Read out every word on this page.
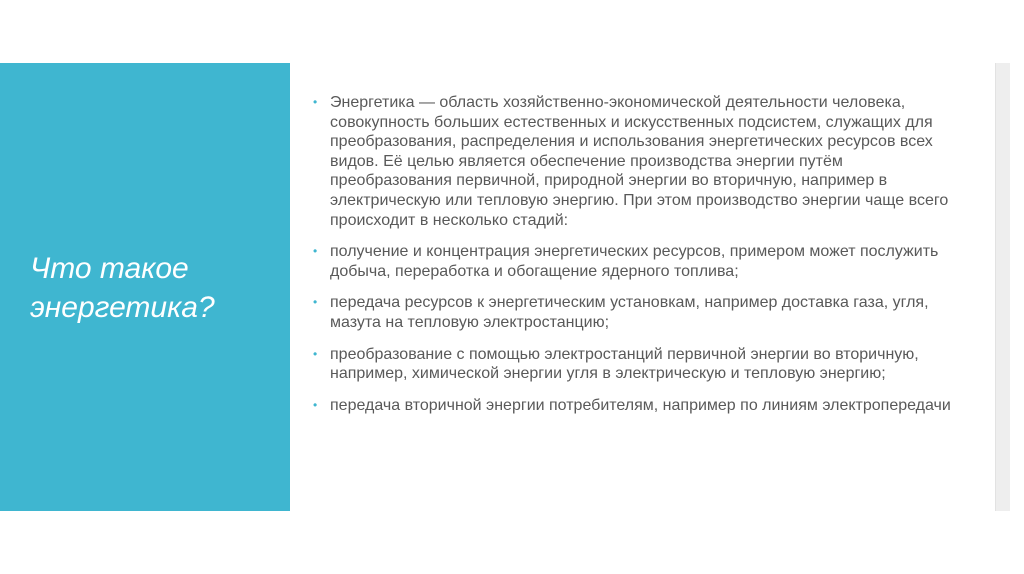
Что такое энергетика?
• Энергетика — область хозяйственно-экономической деятельности человека, совокупность больших естественных и искусственных подсистем, служащих для преобразования, распределения и использования энергетических ресурсов всех видов. Её целью является обеспечение производства энергии путём преобразования первичной, природной энергии во вторичную, например в электрическую или тепловую энергию. При этом производство энергии чаще всего происходит в несколько стадий:
• получение и концентрация энергетических ресурсов, примером может послужить добыча, переработка и обогащение ядерного топлива;
• передача ресурсов к энергетическим установкам, например доставка газа, угля, мазута на тепловую электростанцию;
• преобразование с помощью электростанций первичной энергии во вторичную, например, химической энергии угля в электрическую и тепловую энергию;
• передача вторичной энергии потребителям, например по линиям электропередачи
